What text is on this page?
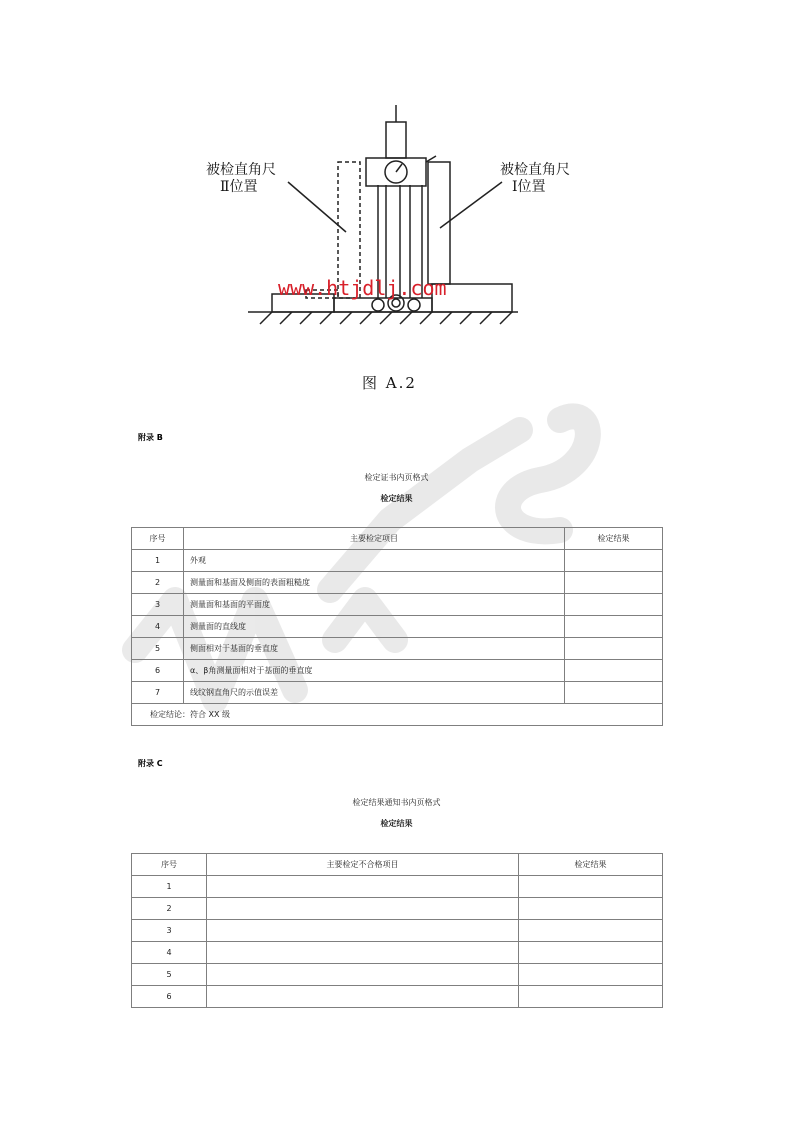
被检直角尺
Ⅱ位置
被检直角尺
Ⅰ位置
www.htjdlj.com
图 A.2
附录 B
检定证书内页格式
检定结果
序号	主要检定项目	检定结果
1	外观	
2	测量面和基面及侧面的表面粗糙度	
3	测量面和基面的平面度	
4	测量面的直线度	
5	侧面相对于基面的垂直度	
6	α、β角测量面相对于基面的垂直度	
7	线纹钢直角尺的示值误差	
检定结论：符合 XX 级		
附录 C
检定结果通知书内页格式
检定结果
序号	主要检定不合格项目	检定结果
1		
2		
3		
4		
5		
6		
